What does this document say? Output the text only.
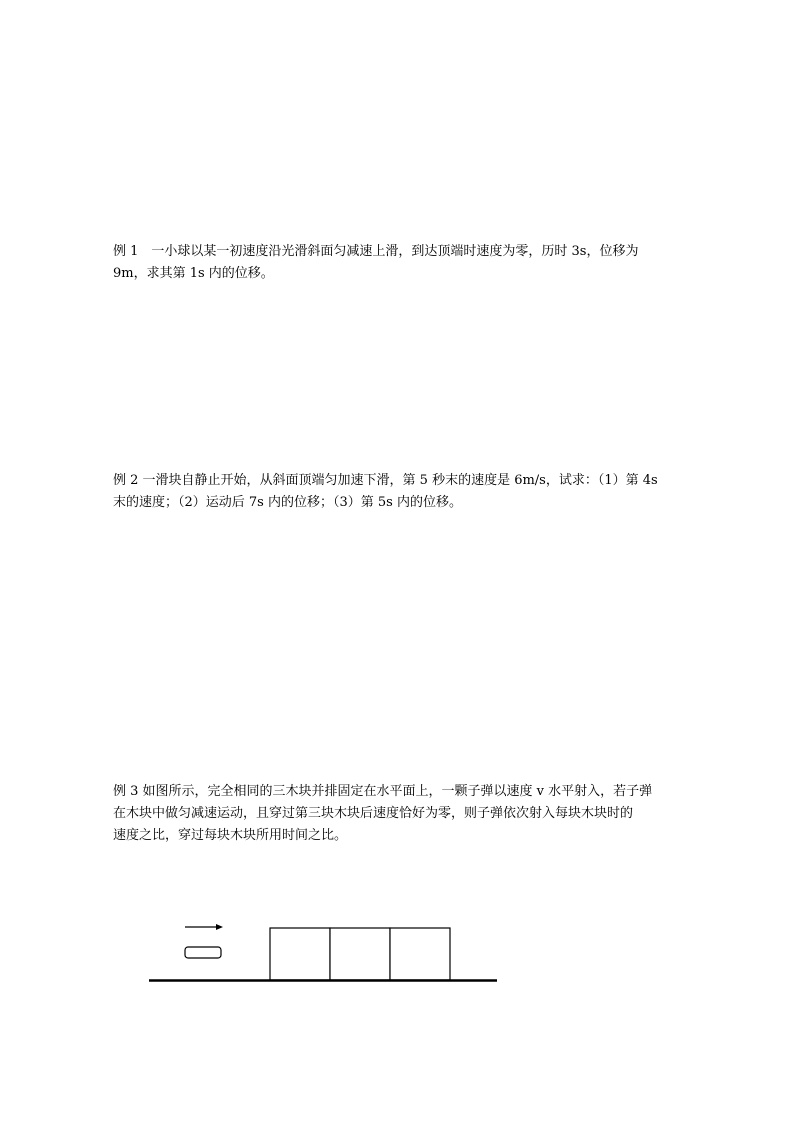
例 1　一小球以某一初速度沿光滑斜面匀减速上滑，到达顶端时速度为零，历时 3s，位移为
9m，求其第 1s 内的位移。
例 2 一滑块自静止开始，从斜面顶端匀加速下滑，第 5 秒末的速度是 6m/s，试求：（1）第 4s
末的速度；（2）运动后 7s 内的位移；（3）第 5s 内的位移。
例 3 如图所示，完全相同的三木块并排固定在水平面上，一颗子弹以速度 v 水平射入，若子弹
在木块中做匀减速运动，且穿过第三块木块后速度恰好为零，则子弹依次射入每块木块时的
速度之比，穿过每块木块所用时间之比。
